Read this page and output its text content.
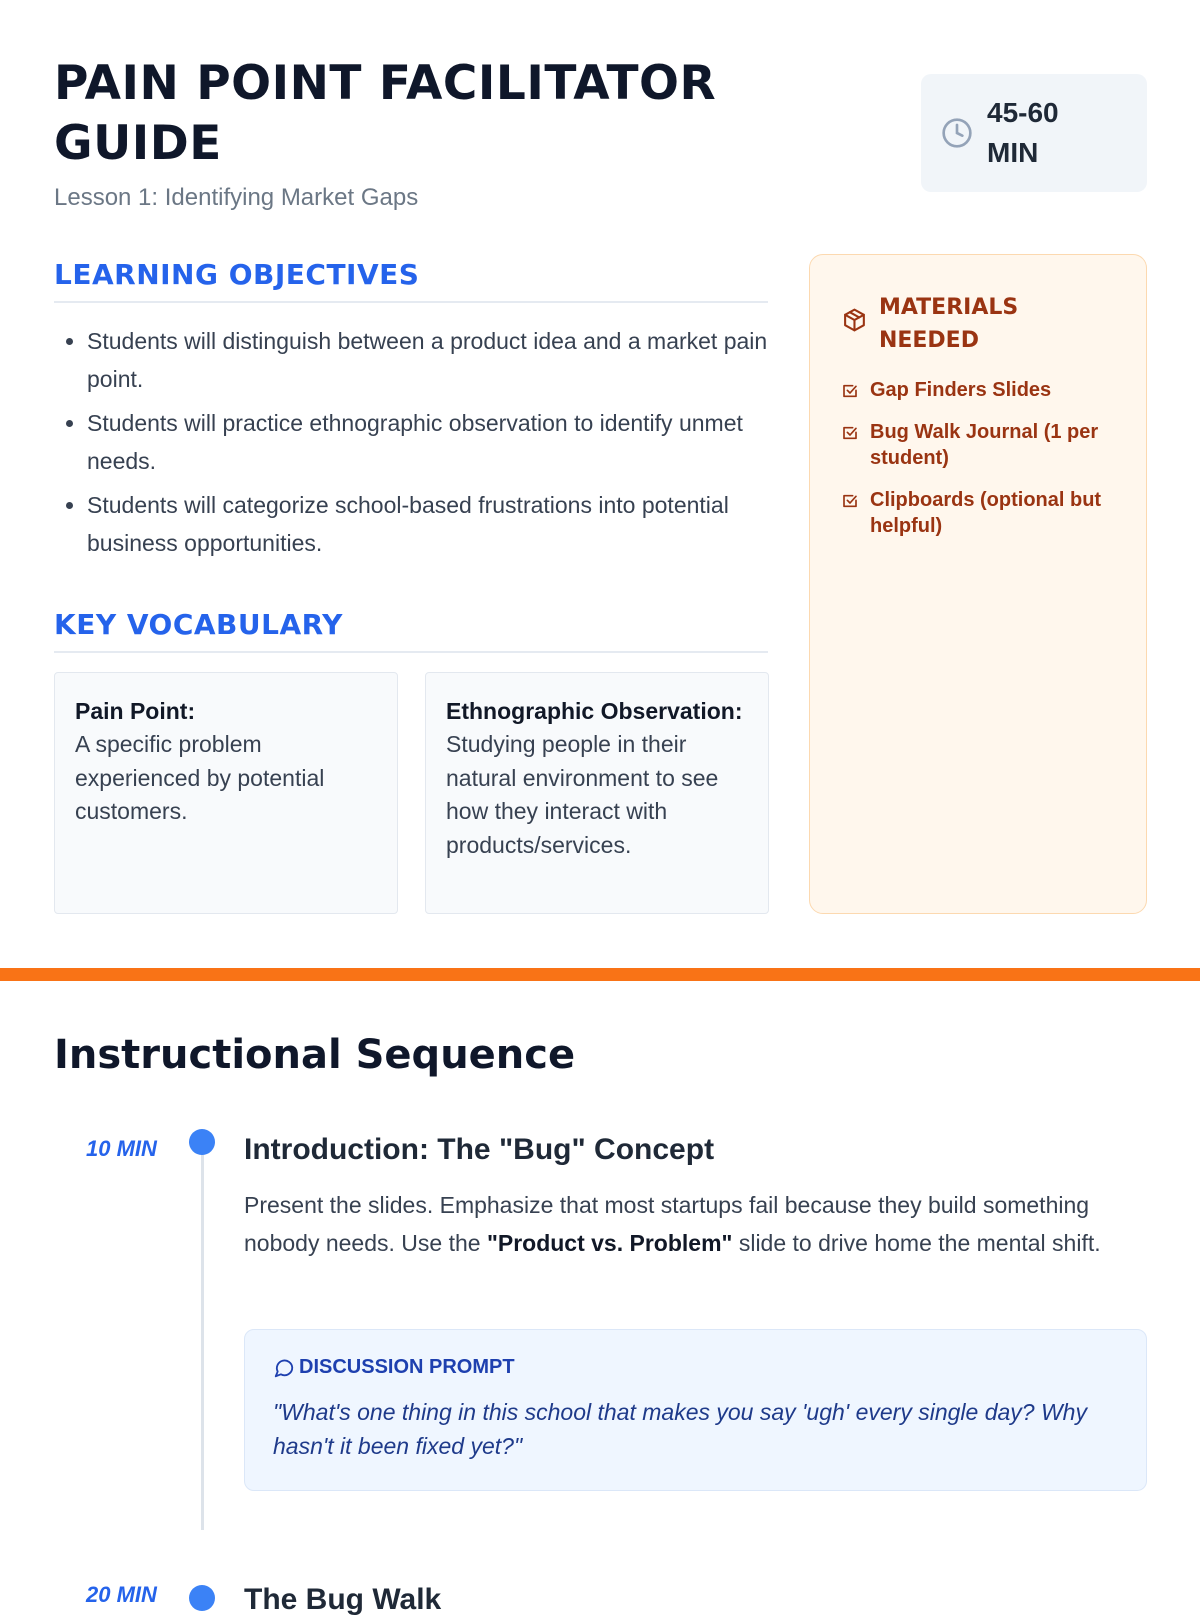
PAIN POINT FACILITATOR GUIDE
Lesson 1: Identifying Market Gaps
45-60 MIN
LEARNING OBJECTIVES
• Students will distinguish between a product idea and a market pain point.
• Students will practice ethnographic observation to identify unmet needs.
• Students will categorize school-based frustrations into potential business opportunities.
KEY VOCABULARY
Pain Point:
A specific problem experienced by potential customers.
Ethnographic Observation:
Studying people in their natural environment to see how they interact with products/services.
MATERIALS NEEDED
Gap Finders Slides
Bug Walk Journal (1 per student)
Clipboards (optional but helpful)
Instructional Sequence
10 MIN	Introduction: The "Bug" Concept
Present the slides. Emphasize that most startups fail because they build something nobody needs. Use the "Product vs. Problem" slide to drive home the mental shift.
DISCUSSION PROMPT
"What's one thing in this school that makes you say 'ugh' every single day? Why hasn't it been fixed yet?"
20 MIN	The Bug Walk
